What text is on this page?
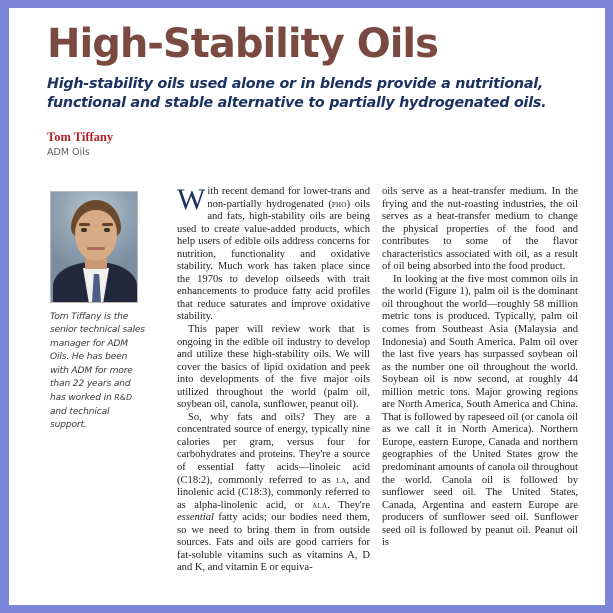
High-Stability Oils

High-stability oils used alone or in blends provide a nutritional, functional and stable alternative to partially hydrogenated oils.

Tom Tiffany

ADM Oils

Tom Tiffany is the senior technical sales manager for ADM Oils. He has been with ADM for more than 22 years and has worked in R&D and technical support.

With recent demand for lower-trans and non-partially hydrogenated (pho) oils and fats, high-stability oils are being used to create value-added products, which help users of edible oils address concerns for nutrition, functionality and oxidative stability. Much work has taken place since the 1970s to develop oilseeds with trait enhancements to produce fatty acid profiles that reduce saturates and improve oxidative stability.

This paper will review work that is ongoing in the edible oil industry to develop and utilize these high-stability oils. We will cover the basics of lipid oxidation and peek into developments of the five major oils utilized throughout the world (palm oil, soybean oil, canola, sunflower, peanut oil).

So, why fats and oils? They are a concentrated source of energy, typically nine calories per gram, versus four for carbohydrates and proteins. They're a source of essential fatty acids—linoleic acid (C18:2), commonly referred to as la, and linolenic acid (C18:3), commonly referred to as alpha-linolenic acid, or ala. They're essential fatty acids; our bodies need them, so we need to bring them in from outside sources. Fats and oils are good carriers for fat-soluble vitamins such as vitamins A, D and K, and vitamin E or equiva-

oils serve as a heat-transfer medium. In the frying and the nut-roasting industries, the oil serves as a heat-transfer medium to change the physical properties of the food and contributes to some of the flavor characteristics associated with oil, as a result of oil being absorbed into the food product.

In looking at the five most common oils in the world (Figure 1), palm oil is the dominant oil throughout the world—roughly 58 million metric tons is produced. Typically, palm oil comes from Southeast Asia (Malaysia and Indonesia) and South America. Palm oil over the last five years has surpassed soybean oil as the number one oil throughout the world. Soybean oil is now second, at roughly 44 million metric tons. Major growing regions are North America, South America and China. That is followed by rapeseed oil (or canola oil as we call it in North America). Northern Europe, eastern Europe, Canada and northern geographies of the United States grow the predominant amounts of canola oil throughout the world. Canola oil is followed by sunflower seed oil. The United States, Canada, Argentina and eastern Europe are producers of sunflower seed oil. Sunflower seed oil is followed by peanut oil. Peanut oil is
